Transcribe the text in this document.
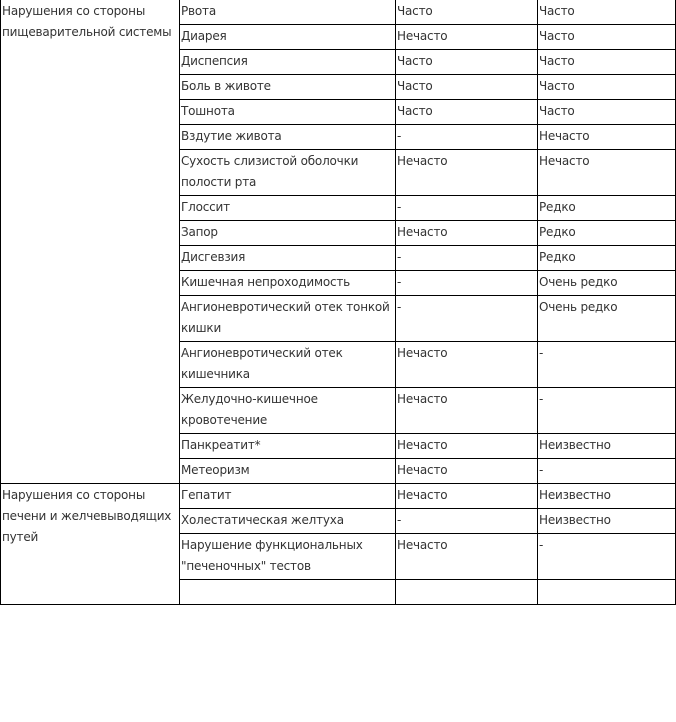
Нарушения со стороны пищеварительной системы	Рвота	Часто	Часто
	Диарея	Нечасто	Часто
	Диспепсия	Часто	Часто
	Боль в животе	Часто	Часто
	Тошнота	Часто	Часто
	Вздутие живота	-	Нечасто
	Сухость слизистой оболочки полости рта	Нечасто	Нечасто
	Глоссит	-	Редко
	Запор	Нечасто	Редко
	Дисгевзия	-	Редко
	Кишечная непроходимость	-	Очень редко
	Ангионевротический отек тонкой кишки	-	Очень редко
	Ангионевротический отек кишечника	Нечасто	-
	Желудочно-кишечное кровотечение	Нечасто	-
	Панкреатит*	Нечасто	Неизвестно
	Метеоризм	Нечасто	-
Нарушения со стороны печени и желчевыводящих путей	Гепатит	Нечасто	Неизвестно
	Холестатическая желтуха	-	Неизвестно
	Нарушение функциональных "печеночных" тестов	Нечасто	-
